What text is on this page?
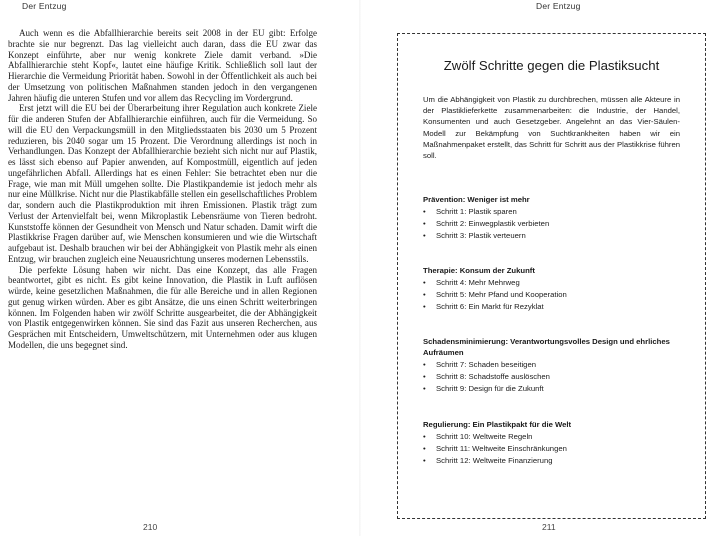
Der Entzug

Auch wenn es die Abfallhierarchie bereits seit 2008 in der EU gibt: Erfolge brachte sie nur begrenzt. Das lag vielleicht auch daran, dass die EU zwar das Konzept einführte, aber nur wenig konkrete Ziele damit verband. »Die Abfallhierarchie steht Kopf«, lautet eine häufige Kritik. Schließlich soll laut der Hierarchie die Vermeidung Priorität haben. Sowohl in der Öffentlichkeit als auch bei der Umsetzung von politischen Maßnahmen standen jedoch in den vergangenen Jahren häufig die unteren Stufen und vor allem das Recycling im Vordergrund.

Erst jetzt will die EU bei der Überarbeitung ihrer Regulation auch konkrete Ziele für die anderen Stufen der Abfallhierarchie einführen, auch für die Vermeidung. So will die EU den Verpackungsmüll in den Mitgliedsstaaten bis 2030 um 5 Prozent reduzieren, bis 2040 sogar um 15 Prozent. Die Verordnung allerdings ist noch in Verhandlungen. Das Konzept der Abfallhierarchie bezieht sich nicht nur auf Plastik, es lässt sich ebenso auf Papier anwenden, auf Kompostmüll, eigentlich auf jeden ungefährlichen Abfall. Allerdings hat es einen Fehler: Sie betrachtet eben nur die Frage, wie man mit Müll umgehen sollte. Die Plastikpandemie ist jedoch mehr als nur eine Müllkrise. Nicht nur die Plastikabfälle stellen ein gesellschaftliches Problem dar, sondern auch die Plastikproduktion mit ihren Emissionen. Plastik trägt zum Verlust der Artenvielfalt bei, wenn Mikroplastik Lebensräume von Tieren bedroht. Kunststoffe können der Gesundheit von Mensch und Natur schaden. Damit wirft die Plastikkrise Fragen darüber auf, wie Menschen konsumieren und wie die Wirtschaft aufgebaut ist. Deshalb brauchen wir bei der Abhängigkeit von Plastik mehr als einen Entzug, wir brauchen zugleich eine Neuausrichtung unseres modernen Lebensstils.

Die perfekte Lösung haben wir nicht. Das eine Konzept, das alle Fragen beantwortet, gibt es nicht. Es gibt keine Innovation, die Plastik in Luft auflösen würde, keine gesetzlichen Maßnahmen, die für alle Bereiche und in allen Regionen gut genug wirken würden. Aber es gibt Ansätze, die uns einen Schritt weiterbringen können. Im Folgenden haben wir zwölf Schritte ausgearbeitet, die der Abhängigkeit von Plastik entgegenwirken können. Sie sind das Fazit aus unseren Recherchen, aus Gesprächen mit Entscheidern, Umweltschützern, mit Unternehmen oder aus klugen Modellen, die uns begegnet sind.

210

Der Entzug

Zwölf Schritte gegen die Plastiksucht

Um die Abhängigkeit von Plastik zu durchbrechen, müssen alle Akteure in der Plastiklieferkette zusammenarbeiten: die Industrie, der Handel, Konsumenten und auch Gesetzgeber. Angelehnt an das Vier-Säulen-Modell zur Bekämpfung von Suchtkrankheiten haben wir ein Maßnahmenpaket erstellt, das Schritt für Schritt aus der Plastikkrise führen soll.

Prävention: Weniger ist mehr
• Schritt 1: Plastik sparen
• Schritt 2: Einwegplastik verbieten
• Schritt 3: Plastik verteuern
Therapie: Konsum der Zukunft
• Schritt 4: Mehr Mehrweg
• Schritt 5: Mehr Pfand und Kooperation
• Schritt 6: Ein Markt für Rezyklat
Schadensminimierung: Verantwortungsvolles Design und ehrliches Aufräumen
• Schritt 7: Schaden beseitigen
• Schritt 8: Schadstoffe auslöschen
• Schritt 9: Design für die Zukunft
Regulierung: Ein Plastikpakt für die Welt
• Schritt 10: Weltweite Regeln
• Schritt 11: Weltweite Einschränkungen
• Schritt 12: Weltweite Finanzierung

211
